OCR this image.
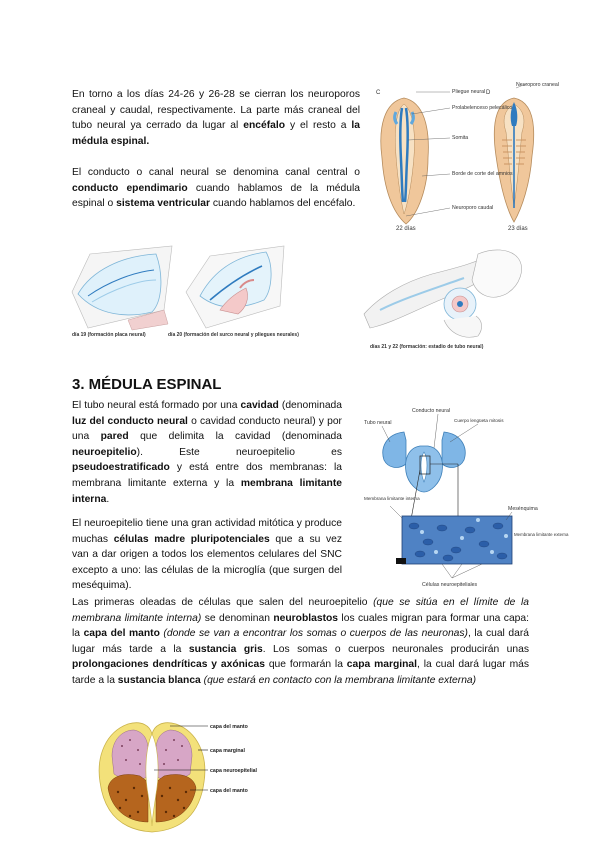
En torno a los días 24-26 y 26-28 se cierran los neuroporos craneal y caudal, respectivamente. La parte más craneal del tubo neural ya cerrado da lugar al encéfalo y el resto a la médula espinal.

El conducto o canal neural se denomina canal central o conducto ependimario cuando hablamos de la médula espinal o sistema ventricular cuando hablamos del encéfalo.

C	D
Pliegue neural
Prolabelenceso pelecálico
Somita
Borde de corte del amnios
Neuroporo caudal
Neuroporo craneal
22 días	23 días
día 19 (formación placa neural)	día 20 (formación del surco neural y pliegues neurales)
días 21 y 22 (formación: estadio de tubo neural)
3. MÉDULA ESPINAL

El tubo neural está formado por una cavidad (denominada luz del conducto neural o cavidad conducto neural) y por una pared que delimita la cavidad (denominada neuroepitelio). Este neuroepitelio es pseudoestratificado y está entre dos membranas: la membrana limitante externa y la membrana limitante interna.

El neuroepitelio tiene una gran actividad mitótica y produce muchas células madre pluripotenciales que a su vez van a dar origen a todos los elementos celulares del SNC excepto a uno: las células de la microglía (que surgen del meséquima).

Las primeras oleadas de células que salen del neuroepitelio (que se sitúa en el límite de la membrana limitante interna) se denominan neuroblastos los cuales migran para formar una capa: la capa del manto (donde se van a encontrar los somas o cuerpos de las neuronas), la cual dará lugar más tarde a la sustancia gris. Los somas o cuerpos neuronales producirán unas prolongaciones dendríticas y axónicas que formarán la capa marginal, la cual dará lugar más tarde a la sustancia blanca (que estará en contacto con la membrana limitante externa)

Conducto neural
Tubo neural	Cuerpo lengüeta mitosis
Membrana limitante interna
Mesénquima
Membrana limitante externa
Células neuroepiteliales
capa del manto
capa marginal
capa neuroepitelial
capa del manto
